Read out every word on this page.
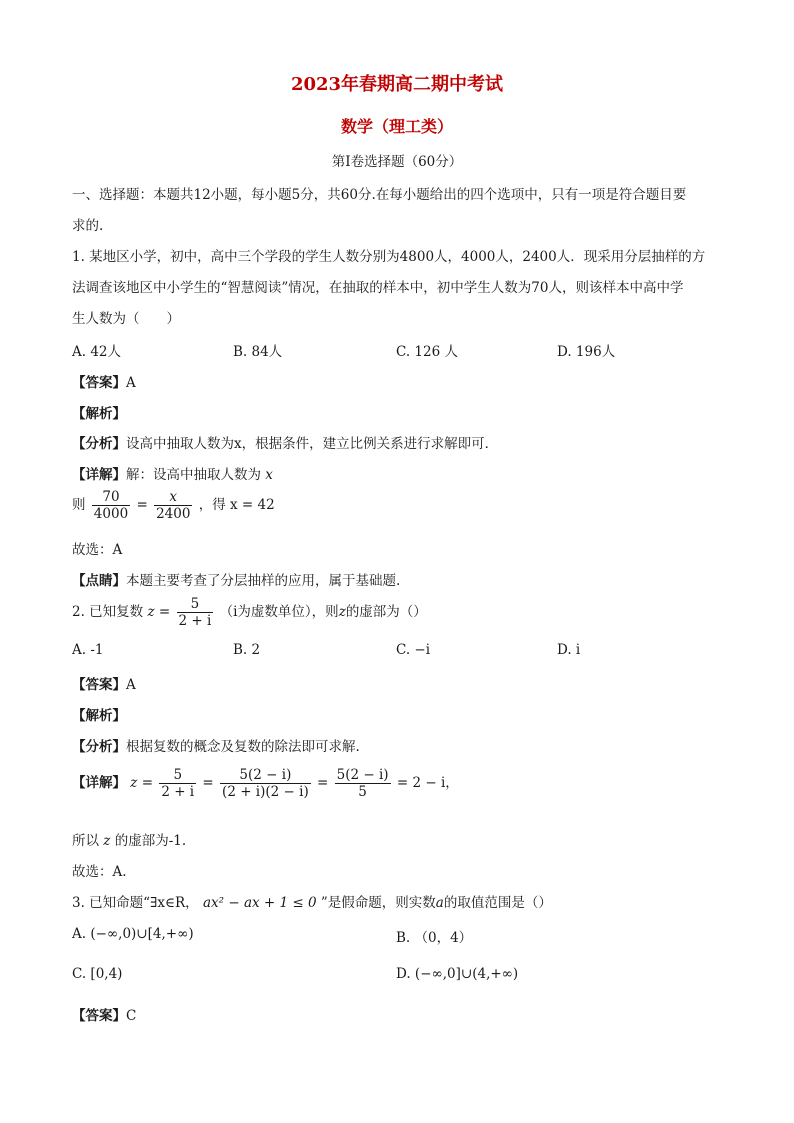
2023年春期高二期中考试
数学（理工类）
第I卷选择题（60分）
一、选择题：本题共12小题，每小题5分，共60分.在每小题给出的四个选项中，只有一项是符合题目要
求的.
1. 某地区小学，初中，高中三个学段的学生人数分别为4800人，4000人，2400人．现采用分层抽样的方
法调查该地区中小学生的“智慧阅读”情况，在抽取的样本中，初中学生人数为70人，则该样本中高中学
生人数为（　　）
A. 42人	B. 84人	C. 126 人	D. 196人
【答案】A
【解析】
【分析】设高中抽取人数为x，根据条件，建立比例关系进行求解即可．
【详解】解：设高中抽取人数为 x
则 $\frac{70}{4000} = \frac{x}{2400}$ ，得 x = 42
故选：A
【点睛】本题主要考查了分层抽样的应用，属于基础题.
2. 已知复数 $z = \frac{5}{2 + i} (i$为虚数单位），则z的虚部为（）
A. -1	B. 2	C. −i	D. i
【答案】A
【解析】
【分析】根据复数的概念及复数的除法即可求解.
【详解】 $z = \frac{5}{2 + i} = \frac{5(2 - i)}{(2 + i)(2 - i)} = \frac{5(2 - i)}{5} = 2 - i$，
所以 z 的虚部为-1.
故选：A.
3. 已知命题“∃x∈R， ax² − ax + 1 ≤ 0 ”是假命题，则实数a的取值范围是（）
A. (−∞,0)∪[4,+∞)	B. （0，4）
C. [0,4)	D. (−∞,0]∪(4,+∞)
【答案】C
